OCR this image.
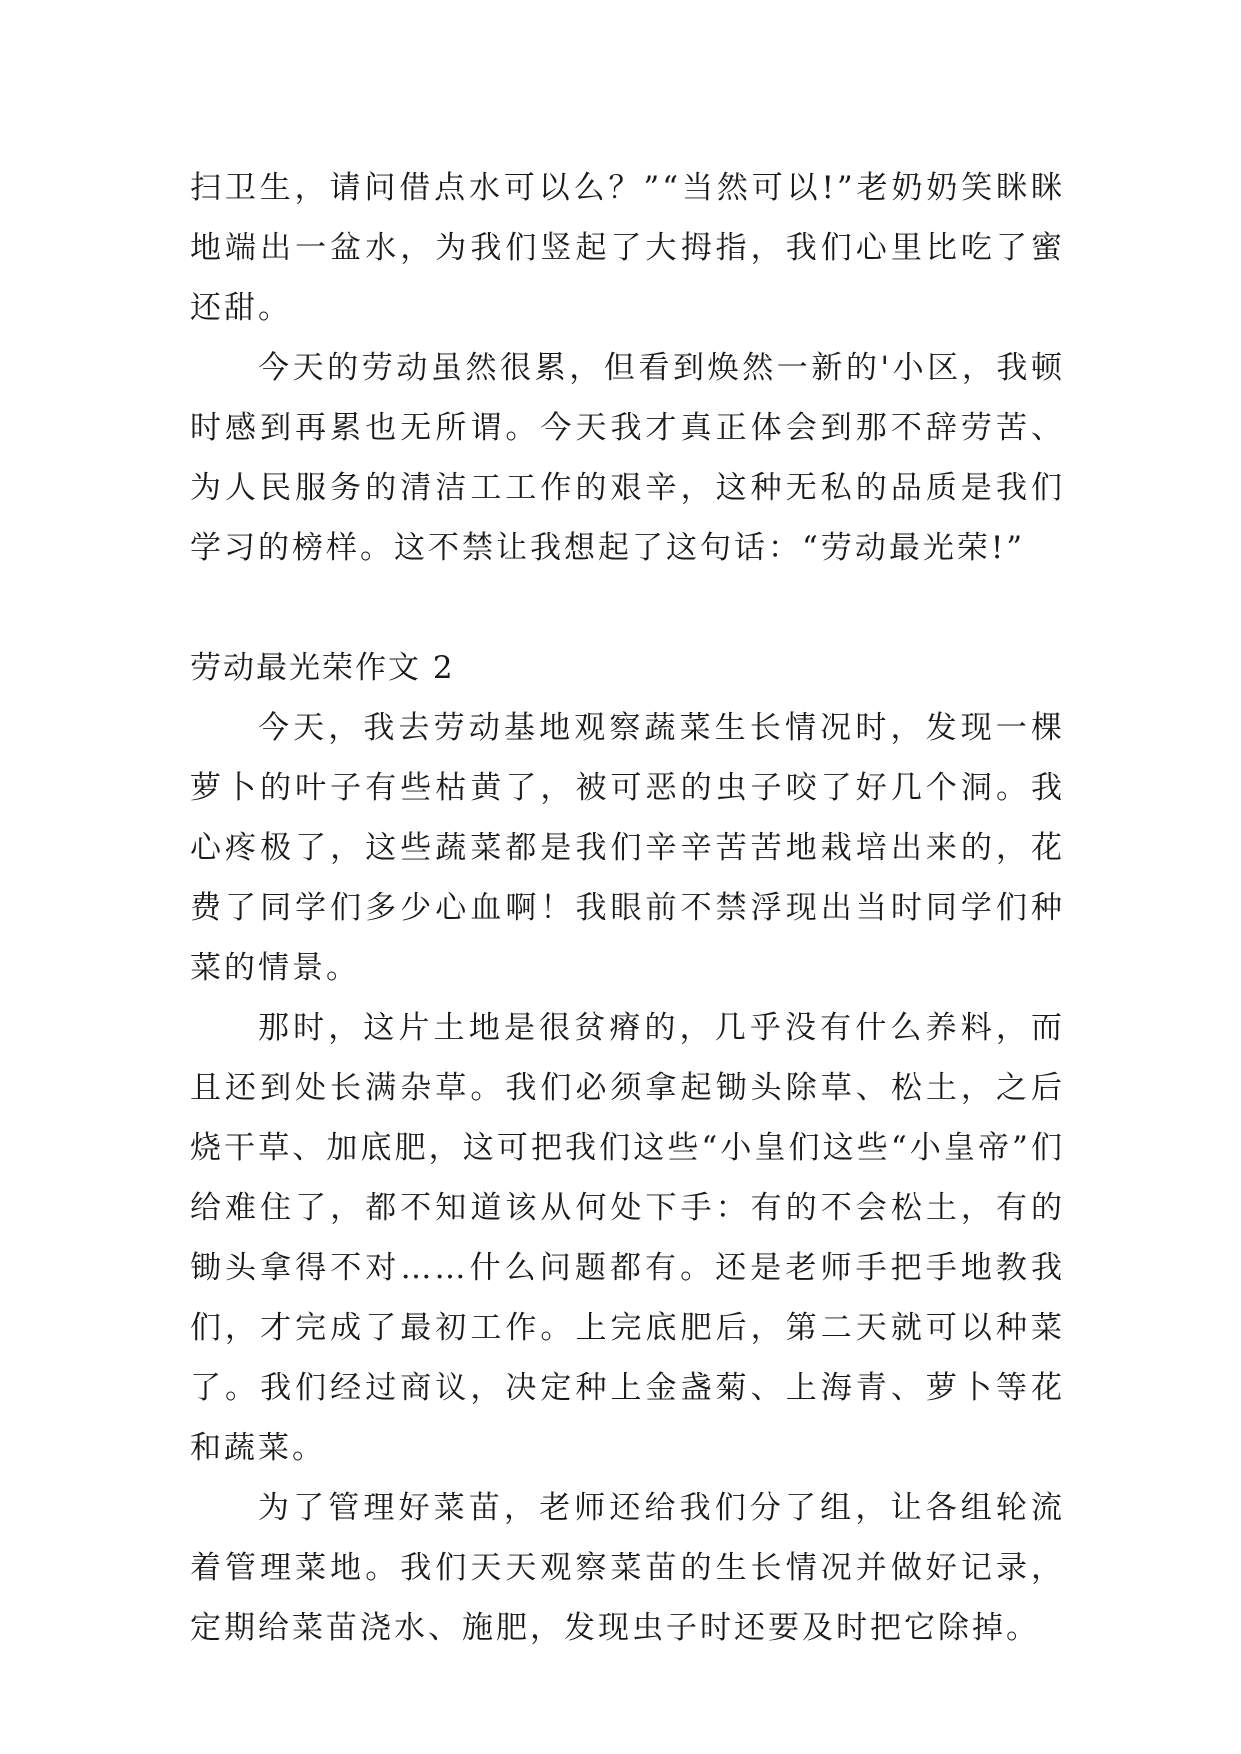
扫卫生，请问借点水可以么？”“当然可以!”老奶奶笑眯眯地端出一盆水，为我们竖起了大拇指，我们心里比吃了蜜还甜。

今天的劳动虽然很累，但看到焕然一新的'小区，我顿时感到再累也无所谓。今天我才真正体会到那不辞劳苦、为人民服务的清洁工工作的艰辛，这种无私的品质是我们学习的榜样。这不禁让我想起了这句话：“劳动最光荣!”

劳动最光荣作文 2

今天，我去劳动基地观察蔬菜生长情况时，发现一棵萝卜的叶子有些枯黄了，被可恶的虫子咬了好几个洞。我心疼极了，这些蔬菜都是我们辛辛苦苦地栽培出来的，花费了同学们多少心血啊！我眼前不禁浮现出当时同学们种菜的情景。

那时，这片土地是很贫瘠的，几乎没有什么养料，而且还到处长满杂草。我们必须拿起锄头除草、松土，之后烧干草、加底肥，这可把我们这些“小皇们这些“小皇帝”们给难住了，都不知道该从何处下手：有的不会松土，有的锄头拿得不对……什么问题都有。还是老师手把手地教我们，才完成了最初工作。上完底肥后，第二天就可以种菜了。我们经过商议，决定种上金盏菊、上海青、萝卜等花和蔬菜。

为了管理好菜苗，老师还给我们分了组，让各组轮流着管理菜地。我们天天观察菜苗的生长情况并做好记录，定期给菜苗浇水、施肥，发现虫子时还要及时把它除掉。
